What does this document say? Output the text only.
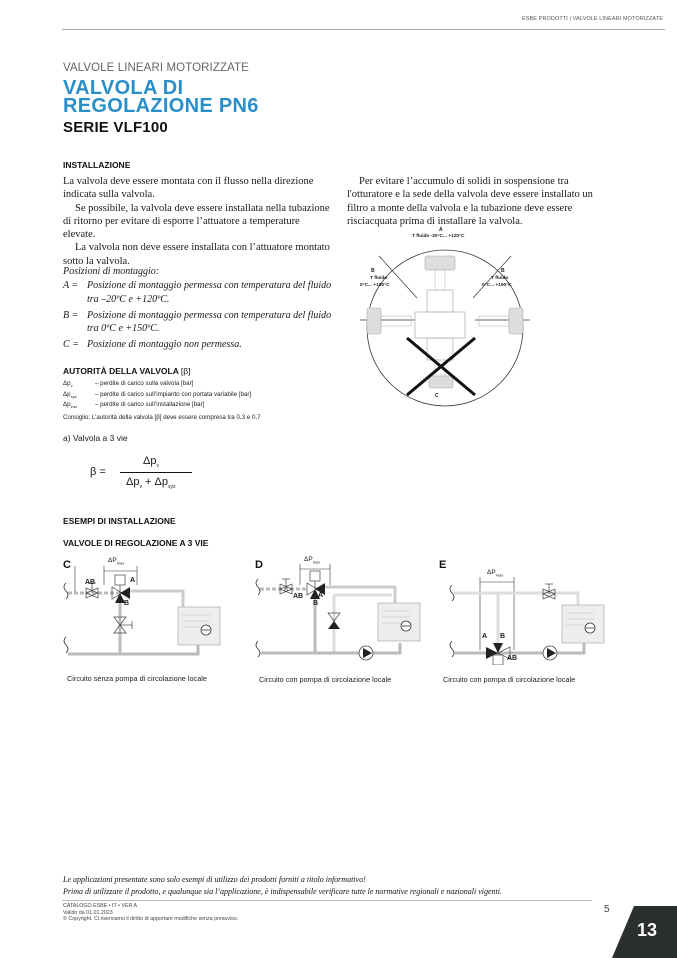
ESBE PRODOTTI | VALVOLE LINEARI MOTORIZZATE
VALVOLE LINEARI MOTORIZZATE
VALVOLA DI
REGOLAZIONE PN6
SERIE VLF100
INSTALLAZIONE

La valvola deve essere montata con il flusso nella direzione indicata sulla valvola.

Se possibile, la valvola deve essere installata nella tubazione di ritorno per evitare di esporre l’attuatore a temperature elevate.

La valvola non deve essere installata con l’attuatore montato sotto la valvola.

Posizioni di montaggio:
A = Posizione di montaggio permessa con temperatura del fluido tra –20ºC e +120ºC.
B = Posizione di montaggio permessa con temperatura del fluido tra 0ºC e +150ºC.
C = Posizione di montaggio non permessa.
Per evitare l’accumulo di solidi in sospensione tra l'otturatore e la sede della valvola deve essere installato un filtro a monte della valvola e la tubazione deve essere risciacquata prima di installare la valvola.
A
T fluido -20°C... +120°C
B
T fluido
0°C... +150°C
B
T fluido
0°C... +150°C
C
AUTORITÀ DELLA VALVOLA [β]
$\Delta p_v$	– perdite di carico sulla valvola [bar]
$\Delta p_{sys}$	– perdite di carico sull’impianto con portata variabile [bar]
$\Delta p_{inst}$	– perdite di carico sull’installazione [bar]
Consiglio: L’autorità della valvola [β] deve essere compresa tra 0,3 e 0,7
a) Valvola a 3 vie
β =
$\Delta p_v$
$\Delta p_v + \Delta p_{sys}$
ESEMPI DI INSTALLAZIONE
VALVOLE DI REGOLAZIONE A 3 VIE
C	$\Delta P_{max}$
AB	A
B
Circuito senza pompa di circolazione locale
D	$\Delta P_{max}$
AB A
B
Circuito con pompa di circolazione locale
E
$\Delta P_{max}$
A B
AB
Circuito con pompa di circolazione locale
Le applicazioni presentate sono solo esempi di utilizzo dei prodotti forniti a titolo informativo!
Prima di utilizzare il prodotto, e qualunque sia l’applicazione, è indispensabile verificare tutte le normative regionali e nazionali vigenti.
CATALOGO ESBE • IT • VER A
Valido da 01.01.2023
© Copyright. Ci riserviamo il diritto di apportare modifiche senza preavviso.
5
13
